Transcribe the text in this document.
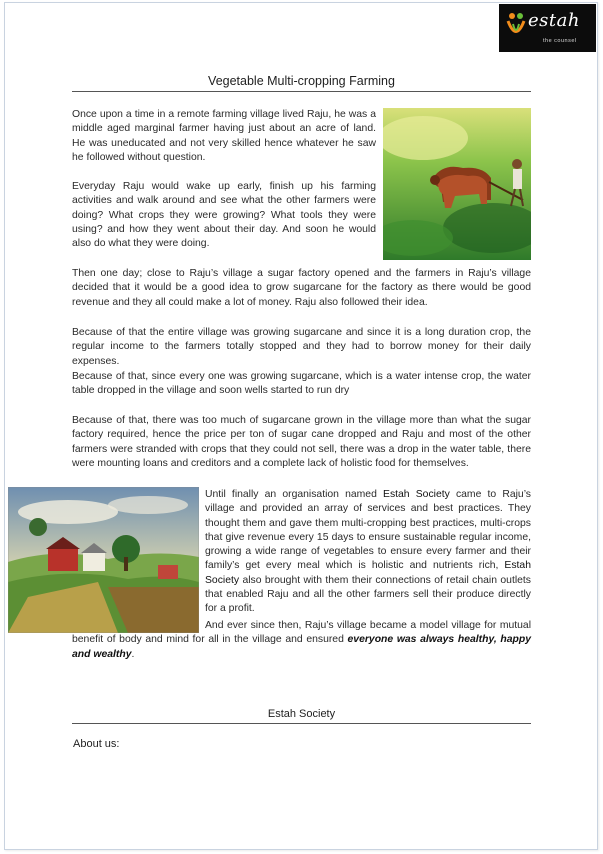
estah
the counsel
Vegetable Multi-cropping Farming

Once upon a time in a remote farming village lived Raju, he was a middle aged marginal farmer having just about an acre of land. He was uneducated and not very skilled hence whatever he saw he followed without question.

Everyday Raju would wake up early, finish up his farming activities and walk around and see what the other farmers were doing? What crops they were growing? What tools they were using? and how they went about their day. And soon he would also do what they were doing.

Then one day; close to Raju’s village a sugar factory opened and the farmers in Raju’s village decided that it would be a good idea to grow sugarcane for the factory as there would be good revenue and they all could make a lot of money. Raju also followed their idea.

Because of that the entire village was growing sugarcane and since it is a long duration crop, the regular income to the farmers totally stopped and they had to borrow money for their daily expenses.

Because of that, since every one was growing sugarcane, which is a water intense crop, the water table dropped in the village and soon wells started to run dry

Because of that, there was too much of sugarcane grown in the village more than what the sugar factory required, hence the price per ton of sugar cane dropped and Raju and most of the other farmers were stranded with crops that they could not sell, there was a drop in the water table, there were mounting loans and creditors and a complete lack of holistic food for themselves.

Until finally an organisation named Estah Society came to Raju’s village and provided an array of services and best practices. They thought them and gave them multi-cropping best practices, multi-crops that give revenue every 15 days to ensure sustainable regular income, growing a wide range of vegetables to ensure every farmer and their family’s get every meal which is holistic and nutrients rich, Estah Society also brought with them their connections of retail chain outlets that enabled Raju and all the other farmers sell their produce directly for a profit.

And ever since then, Raju’s village became a model village for mutual benefit of body and mind for all in the village and ensured everyone was always healthy, happy and wealthy.

Estah Society
About us:
